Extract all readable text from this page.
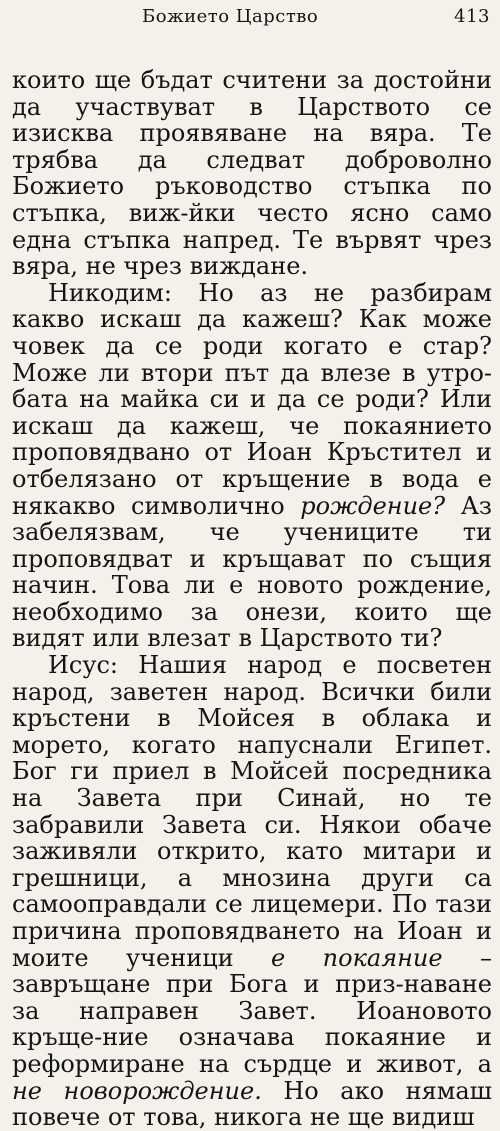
Божието Царство	413

които ще бъдат считени за достойни да участвуват в Царството се изисква проявяване на вяра. Те трябва да следват доброволно Божието ръководство стъпка по стъпка, виж-йки често ясно само една стъпка напред. Те вървят чрез вяра, не чрез виждане.

Никодим: Но аз не разбирам какво искаш да кажеш? Как може човек да се роди когато е стар? Може ли втори път да влезе в утро-бата на майка си и да се роди? Или искаш да кажеш, че покаянието проповядвано от Иоан Кръстител и отбелязано от кръщение в вода е някакво символично рождение? Аз забелязвам, че учениците ти проповядват и кръщават по същия начин. Това ли е новото рождение, необходимо за онези, които ще видят или влезат в Царството ти?

Исус: Нашия народ е посветен народ, заветен народ. Всички били кръстени в Мойсея в облака и морето, когато напуснали Египет. Бог ги приел в Мойсей посредника на Завета при Синай, но те забравили Завета си. Някои обаче заживяли открито, като митари и грешници, а мнозина други са самооправдали се лицемери. По тази причина проповядването на Иоан и моите ученици е покаяние – завръщане при Бога и приз-наване за направен Завет. Иоановото кръще-ние означава покаяние и реформиране на сърдце и живот, а не новорождение. Но ако нямаш повече от това, никога не ще видиш
